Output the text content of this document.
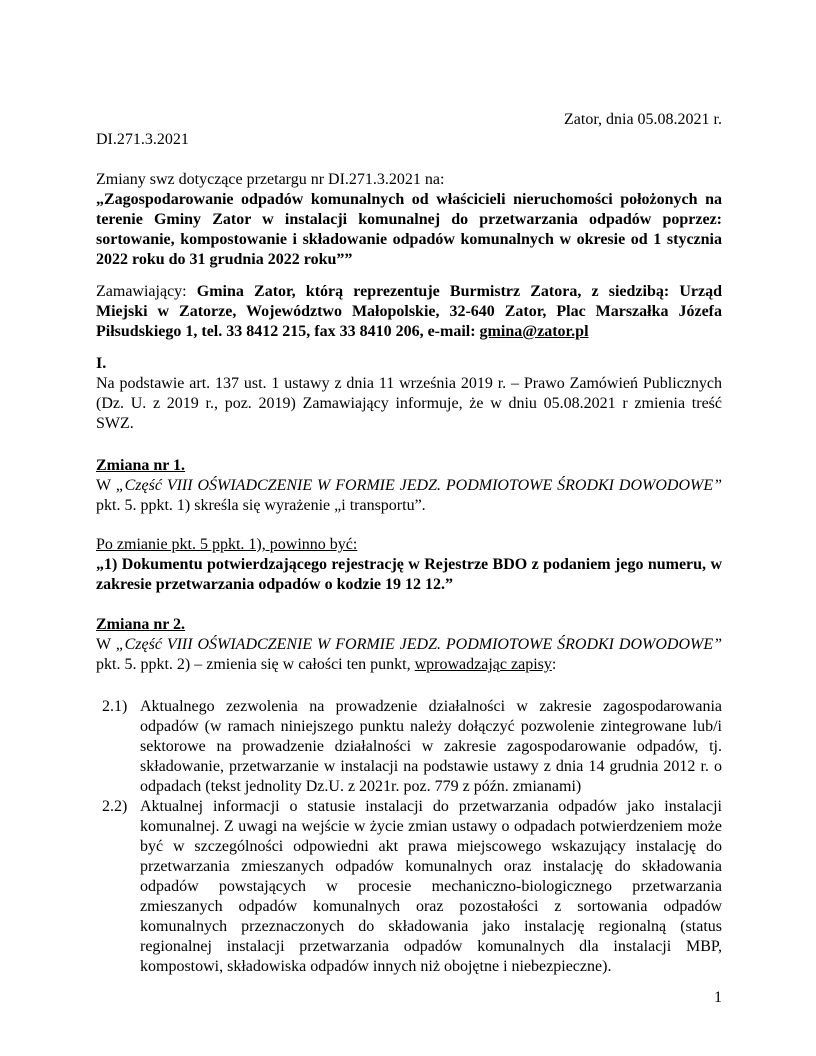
Zator, dnia 05.08.2021 r.

DI.271.3.2021

Zmiany swz dotyczące przetargu nr DI.271.3.2021 na:

„Zagospodarowanie odpadów komunalnych od właścicieli nieruchomości położonych na terenie Gminy Zator w instalacji komunalnej do przetwarzania odpadów poprzez: sortowanie, kompostowanie i składowanie odpadów komunalnych w okresie od 1 stycznia 2022 roku do 31 grudnia 2022 roku””

Zamawiający: Gmina Zator, którą reprezentuje Burmistrz Zatora, z siedzibą: Urząd Miejski w Zatorze, Województwo Małopolskie, 32-640 Zator, Plac Marszałka Józefa Piłsudskiego 1, tel. 33 8412 215, fax 33 8410 206, e-mail: gmina@zator.pl

I.

Na podstawie art. 137 ust. 1 ustawy z dnia 11 września 2019 r. – Prawo Zamówień Publicznych (Dz. U. z 2019 r., poz. 2019) Zamawiający informuje, że w dniu 05.08.2021 r zmienia treść SWZ.

Zmiana nr 1.

W „Część VIII OŚWIADCZENIE W FORMIE JEDZ. PODMIOTOWE ŚRODKI DOWODOWE” pkt. 5. ppkt. 1) skreśla się wyrażenie „i transportu”.

Po zmianie pkt. 5 ppkt. 1), powinno być:

„1) Dokumentu potwierdzającego rejestrację w Rejestrze BDO z podaniem jego numeru, w zakresie przetwarzania odpadów o kodzie 19 12 12.”

Zmiana nr 2.

W „Część VIII OŚWIADCZENIE W FORMIE JEDZ. PODMIOTOWE ŚRODKI DOWODOWE” pkt. 5. ppkt. 2) – zmienia się w całości ten punkt, wprowadzając zapisy:

2.1) Aktualnego zezwolenia na prowadzenie działalności w zakresie zagospodarowania odpadów (w ramach niniejszego punktu należy dołączyć pozwolenie zintegrowane lub/i sektorowe na prowadzenie działalności w zakresie zagospodarowanie odpadów, tj. składowanie, przetwarzanie w instalacji na podstawie ustawy z dnia 14 grudnia 2012 r. o odpadach (tekst jednolity Dz.U. z 2021r. poz. 779 z późn. zmianami)
2.2) Aktualnej informacji o statusie instalacji do przetwarzania odpadów jako instalacji komunalnej. Z uwagi na wejście w życie zmian ustawy o odpadach potwierdzeniem może być w szczególności odpowiedni akt prawa miejscowego wskazujący instalację do przetwarzania zmieszanych odpadów komunalnych oraz instalację do składowania odpadów powstających w procesie mechaniczno-biologicznego przetwarzania zmieszanych odpadów komunalnych oraz pozostałości z sortowania odpadów komunalnych przeznaczonych do składowania jako instalację regionalną (status regionalnej instalacji przetwarzania odpadów komunalnych dla instalacji MBP, kompostowi, składowiska odpadów innych niż obojętne i niebezpieczne).
1
